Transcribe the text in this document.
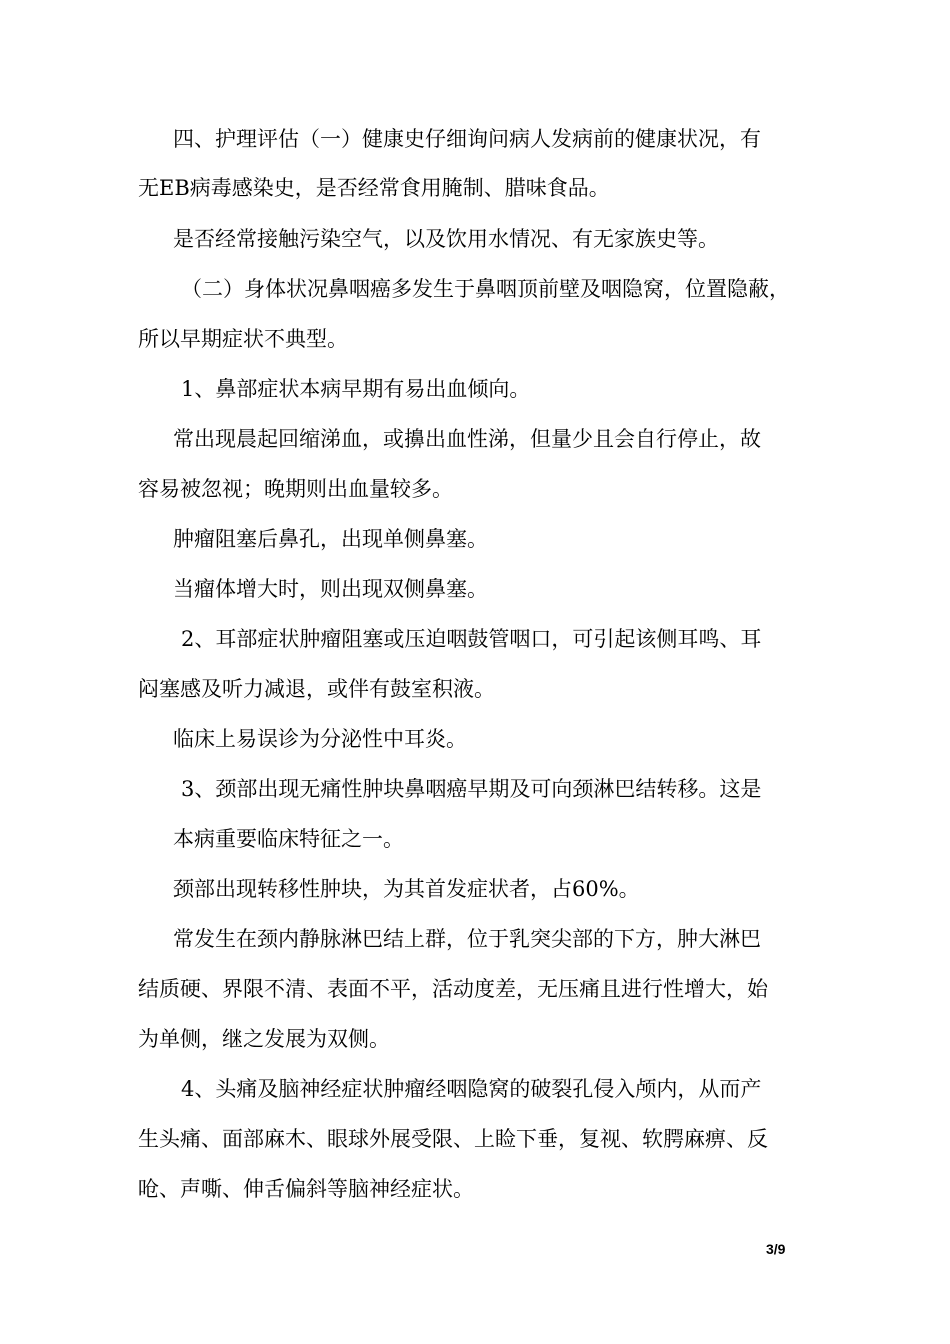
四、护理评估（一）健康史仔细询问病人发病前的健康状况，有
无EB病毒感染史，是否经常食用腌制、腊味食品。
是否经常接触污染空气，以及饮用水情况、有无家族史等。
（二）身体状况鼻咽癌多发生于鼻咽顶前壁及咽隐窝，位置隐蔽，
所以早期症状不典型。
1、鼻部症状本病早期有易出血倾向。
常出现晨起回缩涕血，或擤出血性涕，但量少且会自行停止，故
容易被忽视；晚期则出血量较多。
肿瘤阻塞后鼻孔，出现单侧鼻塞。
当瘤体增大时，则出现双侧鼻塞。
2、耳部症状肿瘤阻塞或压迫咽鼓管咽口，可引起该侧耳鸣、耳
闷塞感及听力减退，或伴有鼓室积液。
临床上易误诊为分泌性中耳炎。
3、颈部出现无痛性肿块鼻咽癌早期及可向颈淋巴结转移。这是
本病重要临床特征之一。
颈部出现转移性肿块，为其首发症状者，占60%。
常发生在颈内静脉淋巴结上群，位于乳突尖部的下方，肿大淋巴
结质硬、界限不清、表面不平，活动度差，无压痛且进行性增大，始
为单侧，继之发展为双侧。
4、头痛及脑神经症状肿瘤经咽隐窝的破裂孔侵入颅内，从而产
生头痛、面部麻木、眼球外展受限、上睑下垂，复视、软腭麻痹、反
呛、声嘶、伸舌偏斜等脑神经症状。
3/9
